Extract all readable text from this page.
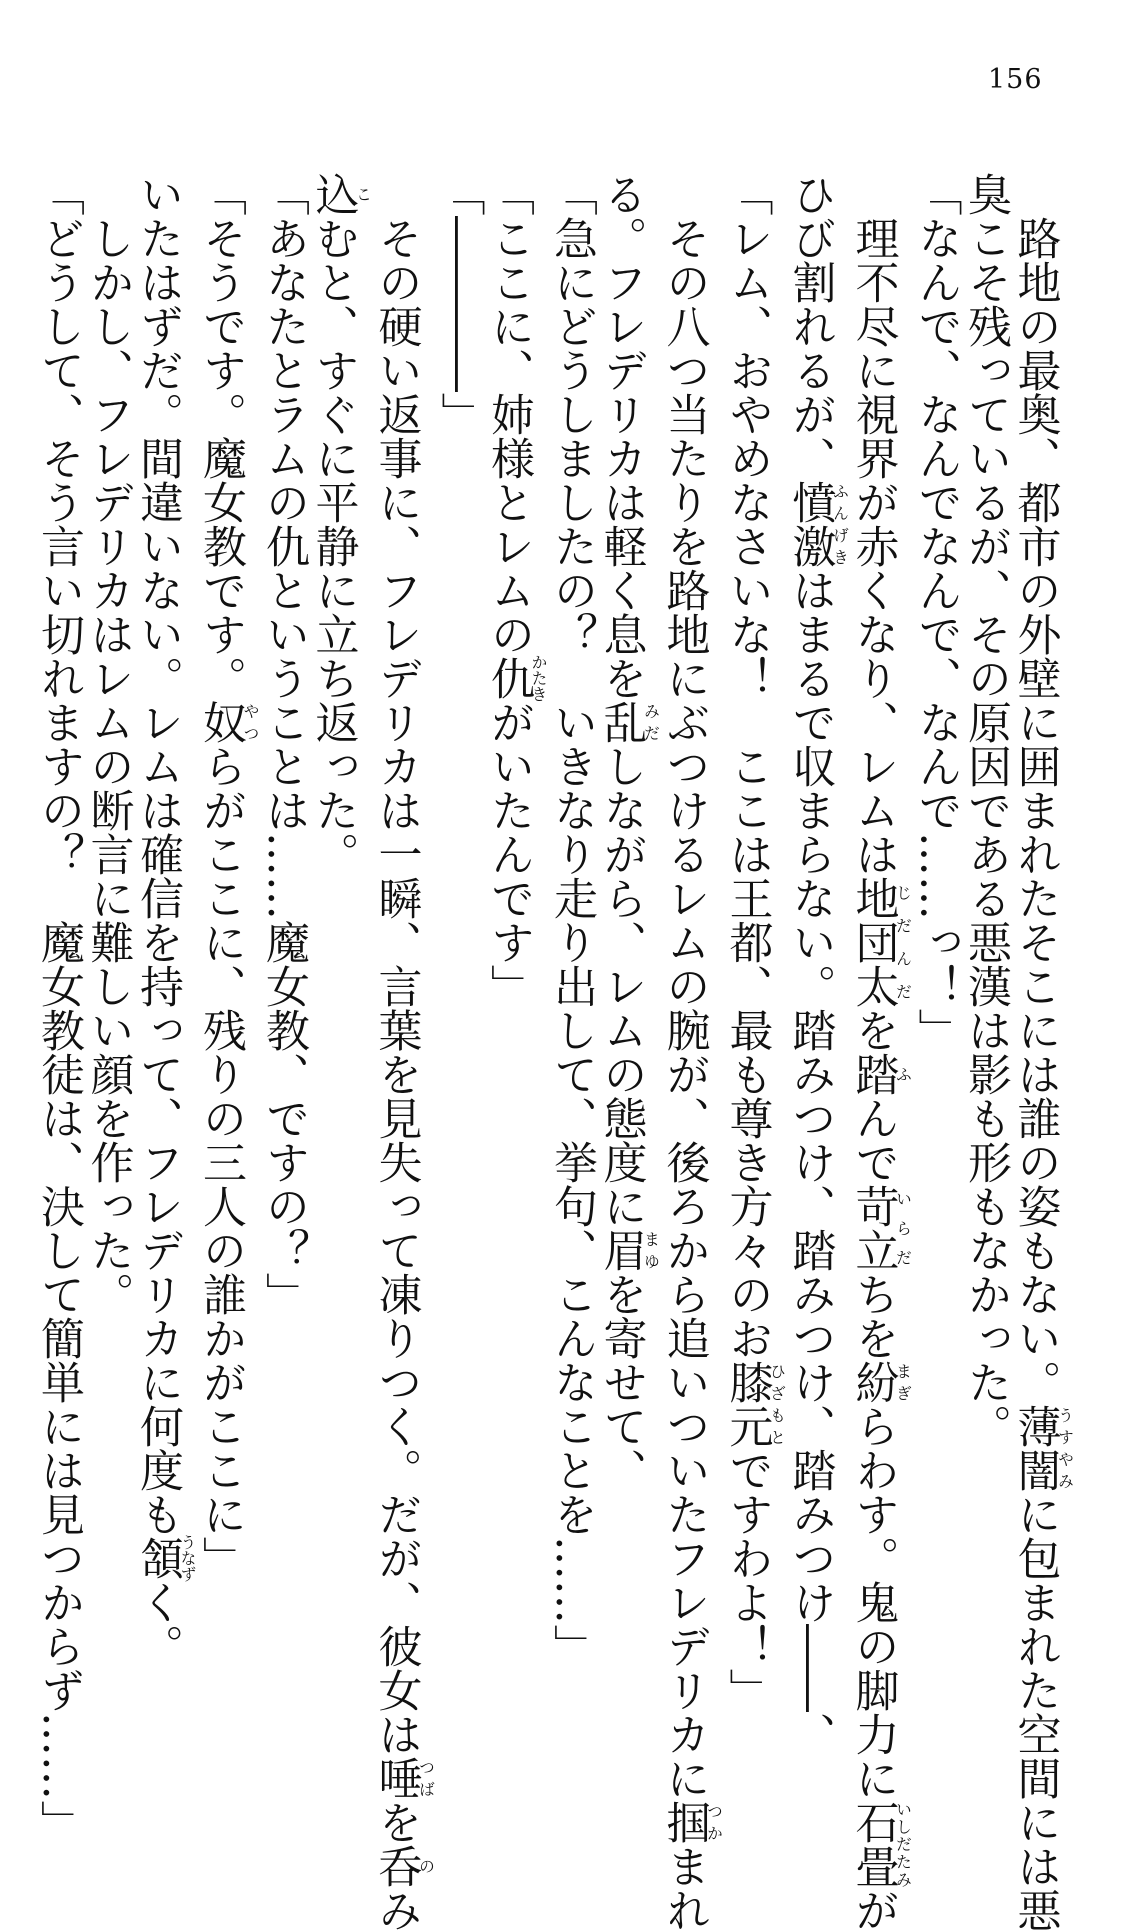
156
　路地の最奥、都市の外壁に囲まれたそこには誰の姿もない。薄闇うすやみに包まれた空間には悪
臭こそ残っているが、その原因である悪漢は影も形もなかった。
「なんで、なんでなんで、なんで……っ！」
　理不尽に視界が赤くなり、レムは地団太じだんだを踏ふんで苛立いらだちを紛まぎらわす。鬼の脚力に石畳いしだたみが
ひび割れるが、憤激ふんげきはまるで収まらない。踏みつけ、踏みつけ、踏みつけ――、
「レム、おやめなさいな！　ここは王都、最も尊き方々のお膝元ひざもとですわよ！」
　その八つ当たりを路地にぶつけるレムの腕が、後ろから追いついたフレデリカに掴つかまれ
る。フレデリカは軽く息を乱みだしながら、レムの態度に眉まゆを寄せて、
「急にどうしましたの？　いきなり走り出して、挙句、こんなことを……」
「ここに、姉様とレムの仇かたきがいたんです」
「――――」
　その硬い返事に、フレデリカは一瞬、言葉を見失って凍りつく。だが、彼女は唾つばを呑のみ
込こむと、すぐに平静に立ち返った。
「あなたとラムの仇ということは……魔女教、ですの？」
「そうです。魔女教です。奴やつらがここに、残りの三人の誰かがここに」
いたはずだ。間違いない。レムは確信を持って、フレデリカに何度も頷うなずく。
　しかし、フレデリカはレムの断言に難しい顔を作った。
「どうして、そう言い切れますの？　魔女教徒は、決して簡単には見つからず……」
